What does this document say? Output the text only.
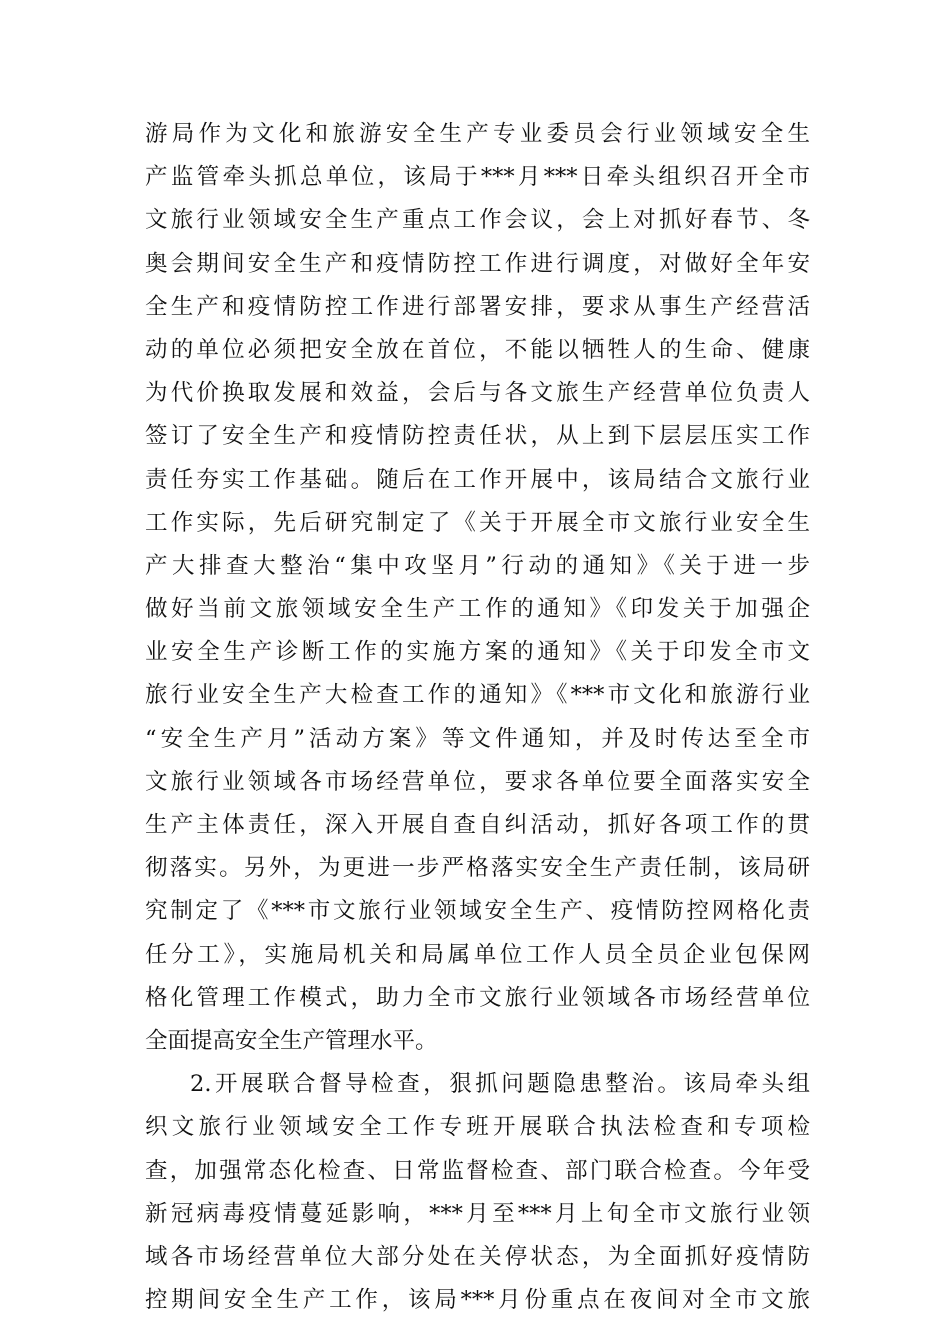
游局作为文化和旅游安全生产专业委员会行业领域安全生
产监管牵头抓总单位，该局于***月***日牵头组织召开全市
文旅行业领域安全生产重点工作会议，会上对抓好春节、冬
奥会期间安全生产和疫情防控工作进行调度，对做好全年安
全生产和疫情防控工作进行部署安排，要求从事生产经营活
动的单位必须把安全放在首位，不能以牺牲人的生命、健康
为代价换取发展和效益，会后与各文旅生产经营单位负责人
签订了安全生产和疫情防控责任状，从上到下层层压实工作
责任夯实工作基础。随后在工作开展中，该局结合文旅行业
工作实际，先后研究制定了《关于开展全市文旅行业安全生
产大排查大整治“集中攻坚月”行动的通知》《关于进一步
做好当前文旅领域安全生产工作的通知》《印发关于加强企
业安全生产诊断工作的实施方案的通知》《关于印发全市文
旅行业安全生产大检查工作的通知》《***市文化和旅游行业
“安全生产月”活动方案》等文件通知，并及时传达至全市
文旅行业领域各市场经营单位，要求各单位要全面落实安全
生产主体责任，深入开展自查自纠活动，抓好各项工作的贯
彻落实。另外，为更进一步严格落实安全生产责任制，该局研
究制定了《***市文旅行业领域安全生产、疫情防控网格化责
任分工》，实施局机关和局属单位工作人员全员企业包保网
格化管理工作模式，助力全市文旅行业领域各市场经营单位
全面提高安全生产管理水平。
2.开展联合督导检查，狠抓问题隐患整治。该局牵头组
织文旅行业领域安全工作专班开展联合执法检查和专项检
查，加强常态化检查、日常监督检查、部门联合检查。今年受
新冠病毒疫情蔓延影响，***月至***月上旬全市文旅行业领
域各市场经营单位大部分处在关停状态，为全面抓好疫情防
控期间安全生产工作，该局***月份重点在夜间对全市文旅
